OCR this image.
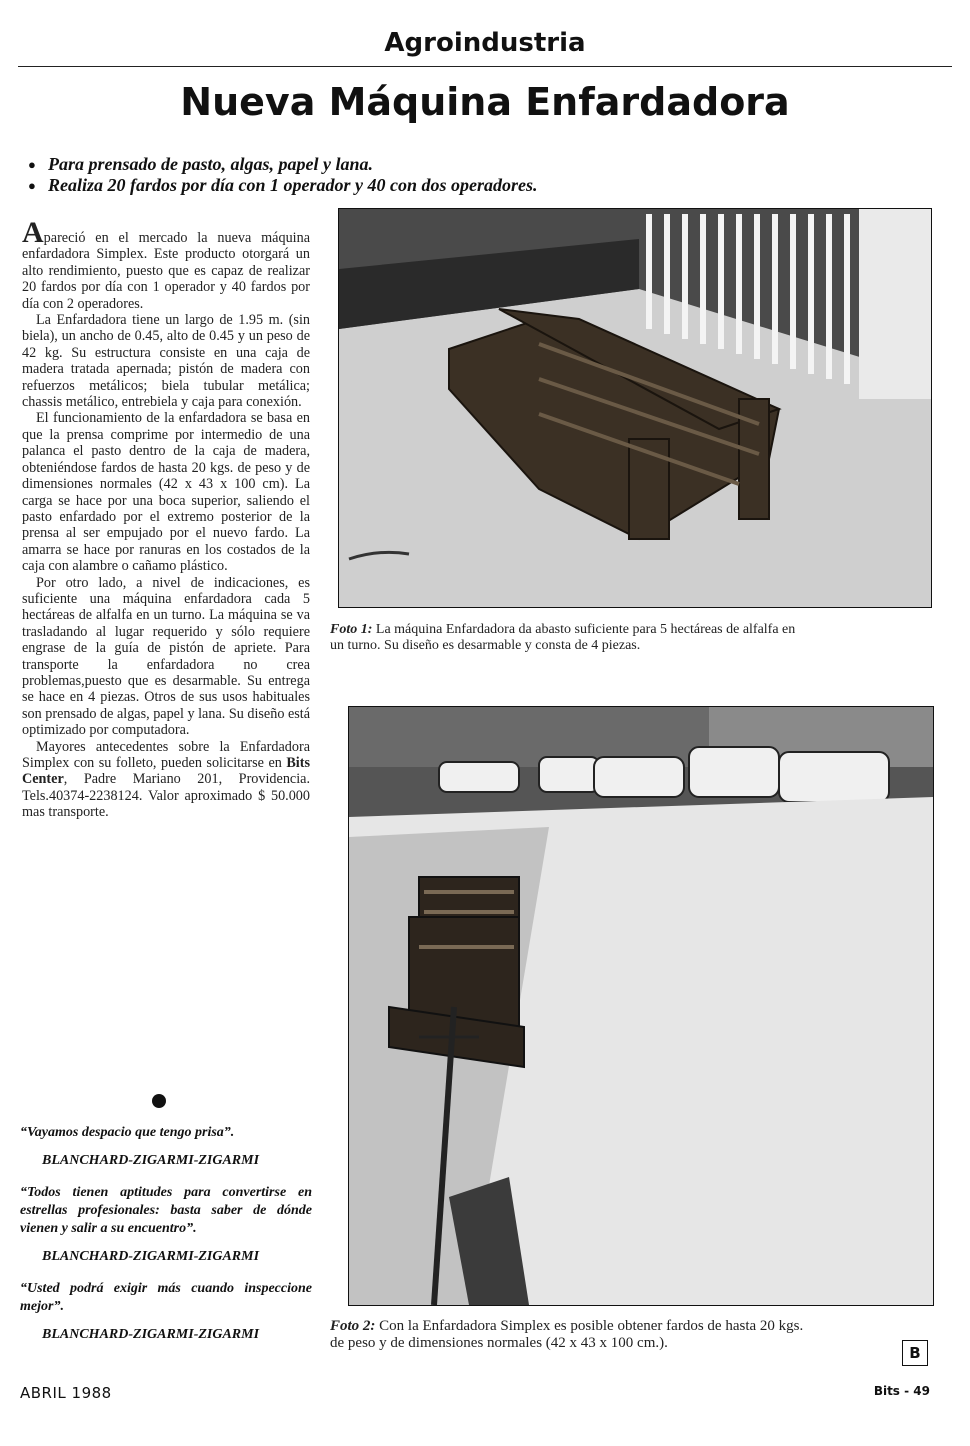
Agroindustria
Nueva Máquina Enfardadora
● Para prensado de pasto, algas, papel y lana.
● Realiza 20 fardos por día con 1 operador y 40 con dos operadores.

Apareció en el mercado la nueva máquina enfardadora Simplex. Este producto otorgará un alto rendimiento, puesto que es capaz de realizar 20 fardos por día con 1 operador y 40 fardos por día con 2 operadores.

La Enfardadora tiene un largo de 1.95 m. (sin biela), un ancho de 0.45, alto de 0.45 y un peso de 42 kg. Su estructura consiste en una caja de madera tratada apernada; pistón de madera con refuerzos metálicos; biela tubular metálica; chassis metálico, entrebiela y caja para conexión.

El funcionamiento de la enfardadora se basa en que la prensa comprime por intermedio de una palanca el pasto dentro de la caja de madera, obteniéndose fardos de hasta 20 kgs. de peso y de dimensiones normales (42 x 43 x 100 cm). La carga se hace por una boca superior, saliendo el pasto enfardado por el extremo posterior de la prensa al ser empujado por el nuevo fardo. La amarra se hace por ranuras en los costados de la caja con alambre o cañamo plástico.

Por otro lado, a nivel de indicaciones, es suficiente una máquina enfardadora cada 5 hectáreas de alfalfa en un turno. La máquina se va trasladando al lugar requerido y sólo requiere engrase de la guía de pistón de apriete. Para transporte la enfardadora no crea problemas,puesto que es desarmable. Su entrega se hace en 4 piezas. Otros de sus usos habituales son prensado de algas, papel y lana. Su diseño está optimizado por computadora.

Mayores antecedentes sobre la Enfardadora Simplex con su folleto, pueden solicitarse en Bits Center, Padre Mariano 201, Providencia. Tels.40374-2238124. Valor aproximado $ 50.000 mas transporte.

“Vayamos despacio que tengo prisa”.

BLANCHARD-ZIGARMI-ZIGARMI

“Todos tienen aptitudes para convertirse en estrellas profesionales: basta saber de dónde vienen y salir a su encuentro”.

BLANCHARD-ZIGARMI-ZIGARMI

“Usted podrá exigir más cuando inspeccione mejor”.

BLANCHARD-ZIGARMI-ZIGARMI

Foto 1: La máquina Enfardadora da abasto suficiente para 5 hectáreas de alfalfa en un turno. Su diseño es desarmable y consta de 4 piezas.
Foto 2: Con la Enfardadora Simplex es posible obtener fardos de hasta 20 kgs. de peso y de dimensiones normales (42 x 43 x 100 cm.).
B
ABRIL 1988	Bits - 49
